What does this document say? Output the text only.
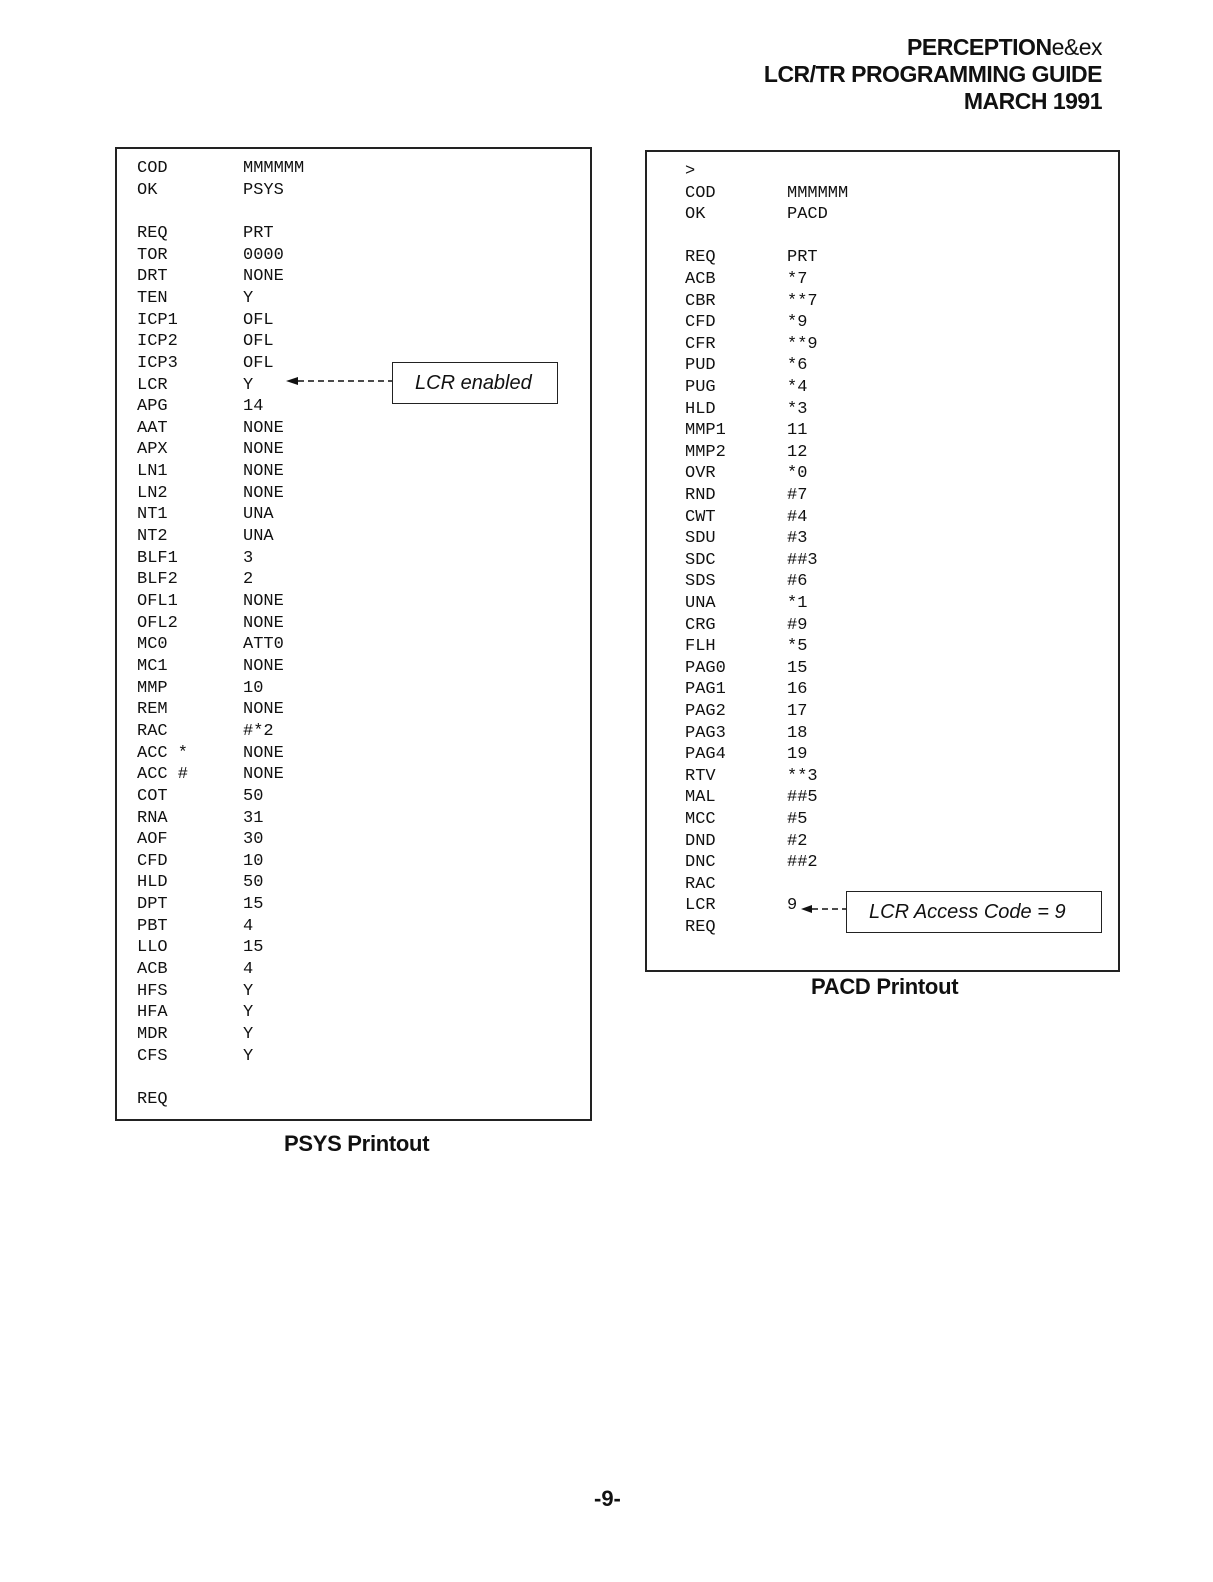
PERCEPTIONe&ex
LCR/TR PROGRAMMING GUIDE
MARCH 1991
COD	MMMMMM
OK	PSYS
REQ	PRT
TOR	0000
DRT	NONE
TEN	Y
ICP1	OFL
ICP2	OFL
ICP3	OFL
LCR	Y
APG	14
AAT	NONE
APX	NONE
LN1	NONE
LN2	NONE
NT1	UNA
NT2	UNA
BLF1	3
BLF2	2
OFL1	NONE
OFL2	NONE
MC0	ATT0
MC1	NONE
MMP	10
REM	NONE
RAC	#*2
ACC *	NONE
ACC #	NONE
COT	50
RNA	31
AOF	30
CFD	10
HLD	50
DPT	15
PBT	4
LLO	15
ACB	4
HFS	Y
HFA	Y
MDR	Y
CFS	Y
REQ
LCR enabled
PSYS Printout
>
COD	MMMMMM
OK	PACD
REQ	PRT
ACB	*7
CBR	**7
CFD	*9
CFR	**9
PUD	*6
PUG	*4
HLD	*3
MMP1	11
MMP2	12
OVR	*0
RND	#7
CWT	#4
SDU	#3
SDC	##3
SDS	#6
UNA	*1
CRG	#9
FLH	*5
PAG0	15
PAG1	16
PAG2	17
PAG3	18
PAG4	19
RTV	**3
MAL	##5
MCC	#5
DND	#2
DNC	##2
RAC
LCR	9
REQ
LCR Access Code = 9
PACD Printout
-9-
